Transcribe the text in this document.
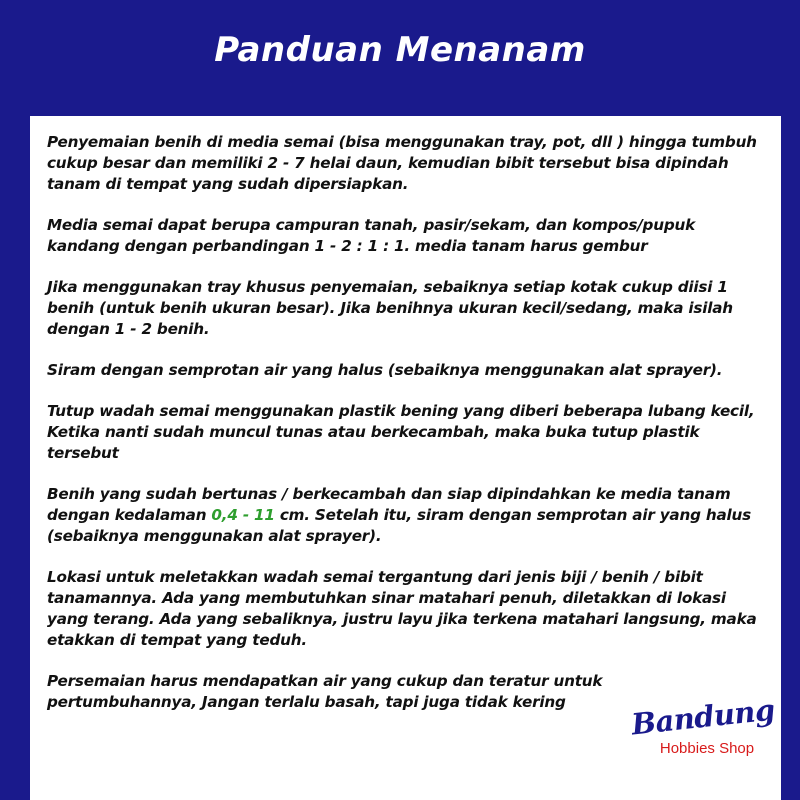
Panduan Menanam

Penyemaian benih di media semai (bisa menggunakan tray, pot, dll ) hingga tumbuh cukup besar dan memiliki 2 - 7 helai daun, kemudian bibit tersebut bisa dipindah tanam di tempat yang sudah dipersiapkan.

Media semai dapat berupa campuran tanah, pasir/sekam, dan kompos/pupuk kandang dengan perbandingan 1 - 2 : 1 : 1. media tanam harus gembur

Jika menggunakan tray khusus penyemaian, sebaiknya setiap kotak cukup diisi 1 benih (untuk benih ukuran besar). Jika benihnya ukuran kecil/sedang, maka isilah dengan 1 - 2 benih.

Siram dengan semprotan air yang halus (sebaiknya menggunakan alat sprayer).

Tutup wadah semai menggunakan plastik bening yang diberi beberapa lubang kecil, Ketika nanti sudah muncul tunas atau berkecambah, maka buka tutup plastik tersebut

Benih yang sudah bertunas / berkecambah dan siap dipindahkan ke media tanam dengan kedalaman 0,4 - 11 cm. Setelah itu, siram dengan semprotan air yang halus (sebaiknya menggunakan alat sprayer).

Lokasi untuk meletakkan wadah semai tergantung dari jenis biji / benih / bibit tanamannya. Ada yang membutuhkan sinar matahari penuh, diletakkan di lokasi yang terang. Ada yang sebaliknya, justru layu jika terkena matahari langsung, maka etakkan di tempat yang teduh.

Persemaian harus mendapatkan air yang cukup dan teratur untuk pertumbuhannya, Jangan terlalu basah, tapi juga tidak kering	Bandung
Hobbies Shop
